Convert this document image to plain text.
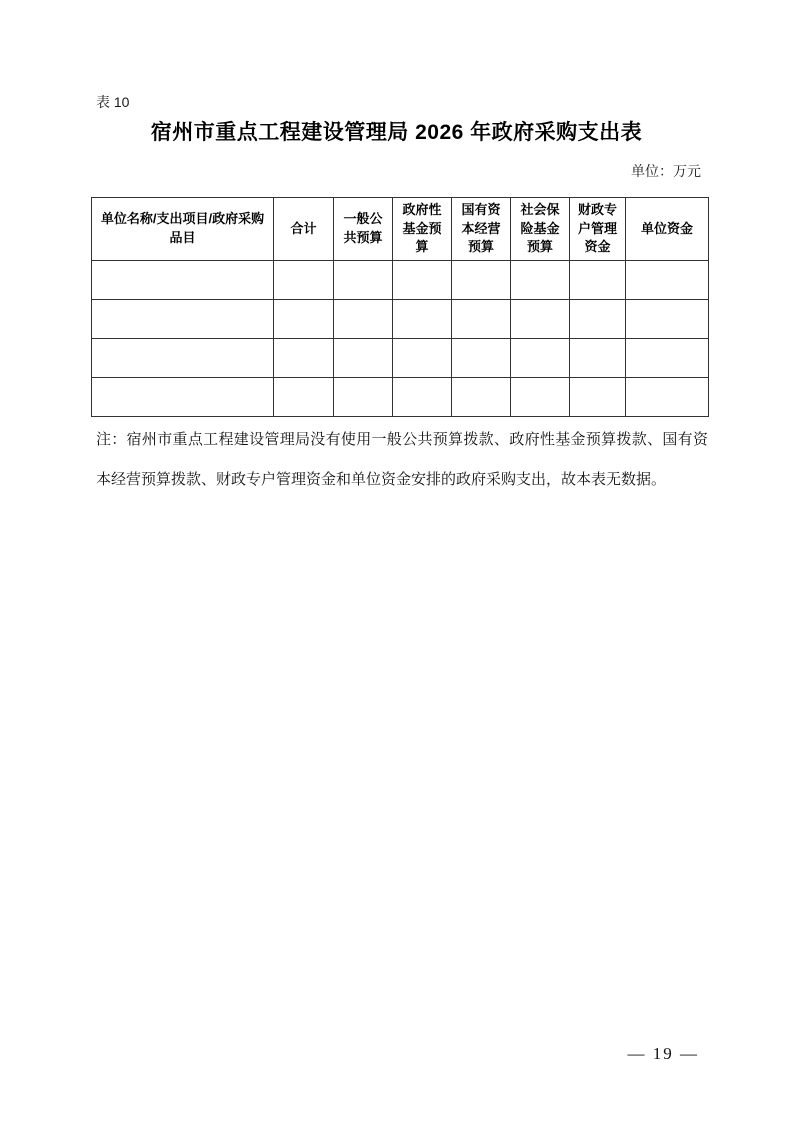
表 10
宿州市重点工程建设管理局 2026 年政府采购支出表
单位：万元
单位名称/支出项目/政府采购品目	合计	一般公共预算	政府性基金预算	国有资本经营预算	社会保险基金预算	财政专户管理资金	单位资金

注：宿州市重点工程建设管理局没有使用一般公共预算拨款、政府性基金预算拨款、国有资本经营预算拨款、财政专户管理资金和单位资金安排的政府采购支出，故本表无数据。
— 19 —
